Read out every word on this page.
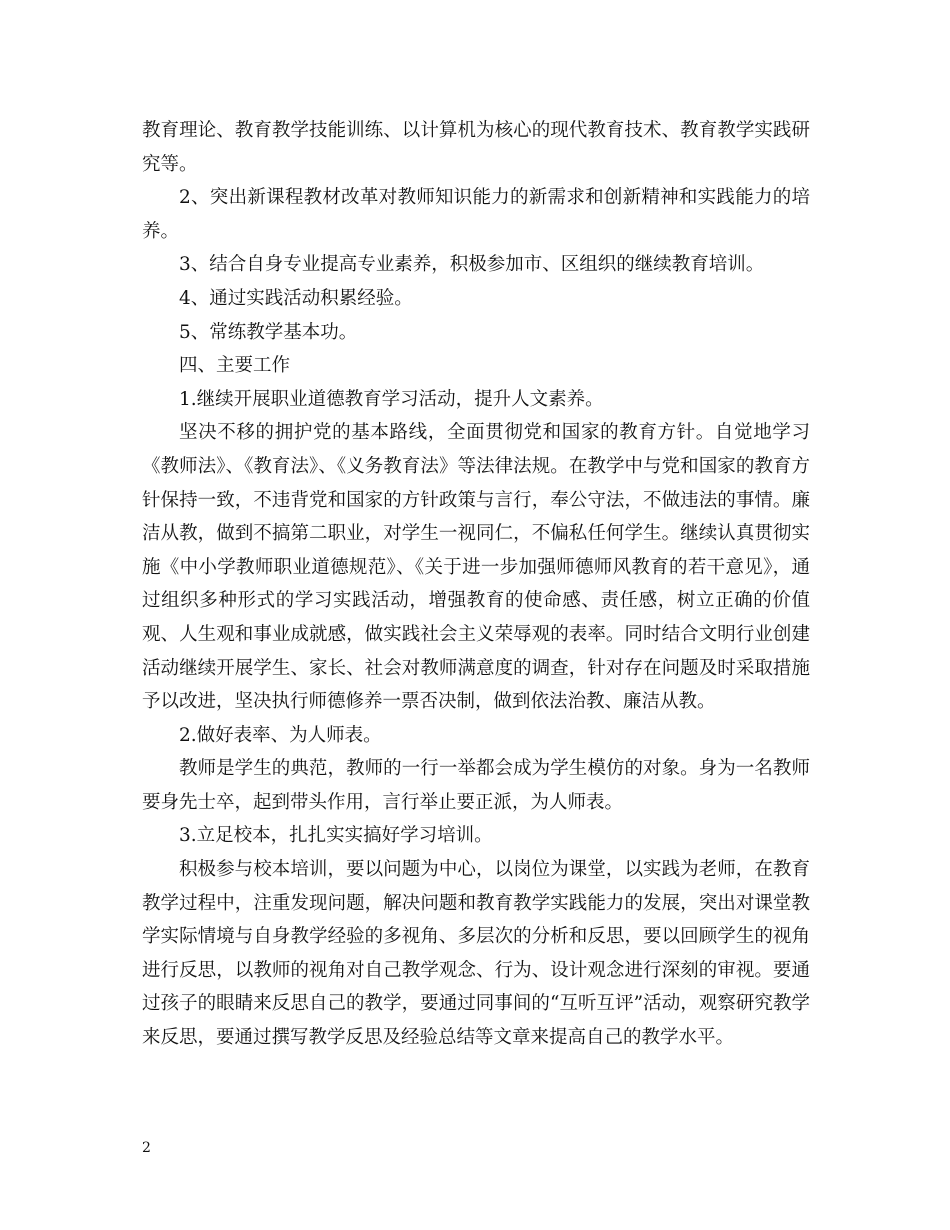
教育理论、教育教学技能训练、以计算机为核心的现代教育技术、教育教学实践研究等。

2、突出新课程教材改革对教师知识能力的新需求和创新精神和实践能力的培养。

3、结合自身专业提高专业素养，积极参加市、区组织的继续教育培训。

4、通过实践活动积累经验。

5、常练教学基本功。

四、主要工作

1.继续开展职业道德教育学习活动，提升人文素养。

坚决不移的拥护党的基本路线，全面贯彻党和国家的教育方针。自觉地学习《教师法》、《教育法》、《义务教育法》等法律法规。在教学中与党和国家的教育方针保持一致，不违背党和国家的方针政策与言行，奉公守法，不做违法的事情。廉洁从教，做到不搞第二职业，对学生一视同仁，不偏私任何学生。继续认真贯彻实施《中小学教师职业道德规范》、《关于进一步加强师德师风教育的若干意见》，通过组织多种形式的学习实践活动，增强教育的使命感、责任感，树立正确的价值观、人生观和事业成就感，做实践社会主义荣辱观的表率。同时结合文明行业创建活动继续开展学生、家长、社会对教师满意度的调查，针对存在问题及时采取措施予以改进，坚决执行师德修养一票否决制，做到依法治教、廉洁从教。

2.做好表率、为人师表。

教师是学生的典范，教师的一行一举都会成为学生模仿的对象。身为一名教师要身先士卒，起到带头作用，言行举止要正派，为人师表。

3.立足校本，扎扎实实搞好学习培训。

积极参与校本培训，要以问题为中心，以岗位为课堂，以实践为老师，在教育教学过程中，注重发现问题，解决问题和教育教学实践能力的发展，突出对课堂教学实际情境与自身教学经验的多视角、多层次的分析和反思，要以回顾学生的视角进行反思，以教师的视角对自己教学观念、行为、设计观念进行深刻的审视。要通过孩子的眼睛来反思自己的教学，要通过同事间的“互听互评”活动，观察研究教学来反思，要通过撰写教学反思及经验总结等文章来提高自己的教学水平。

2
